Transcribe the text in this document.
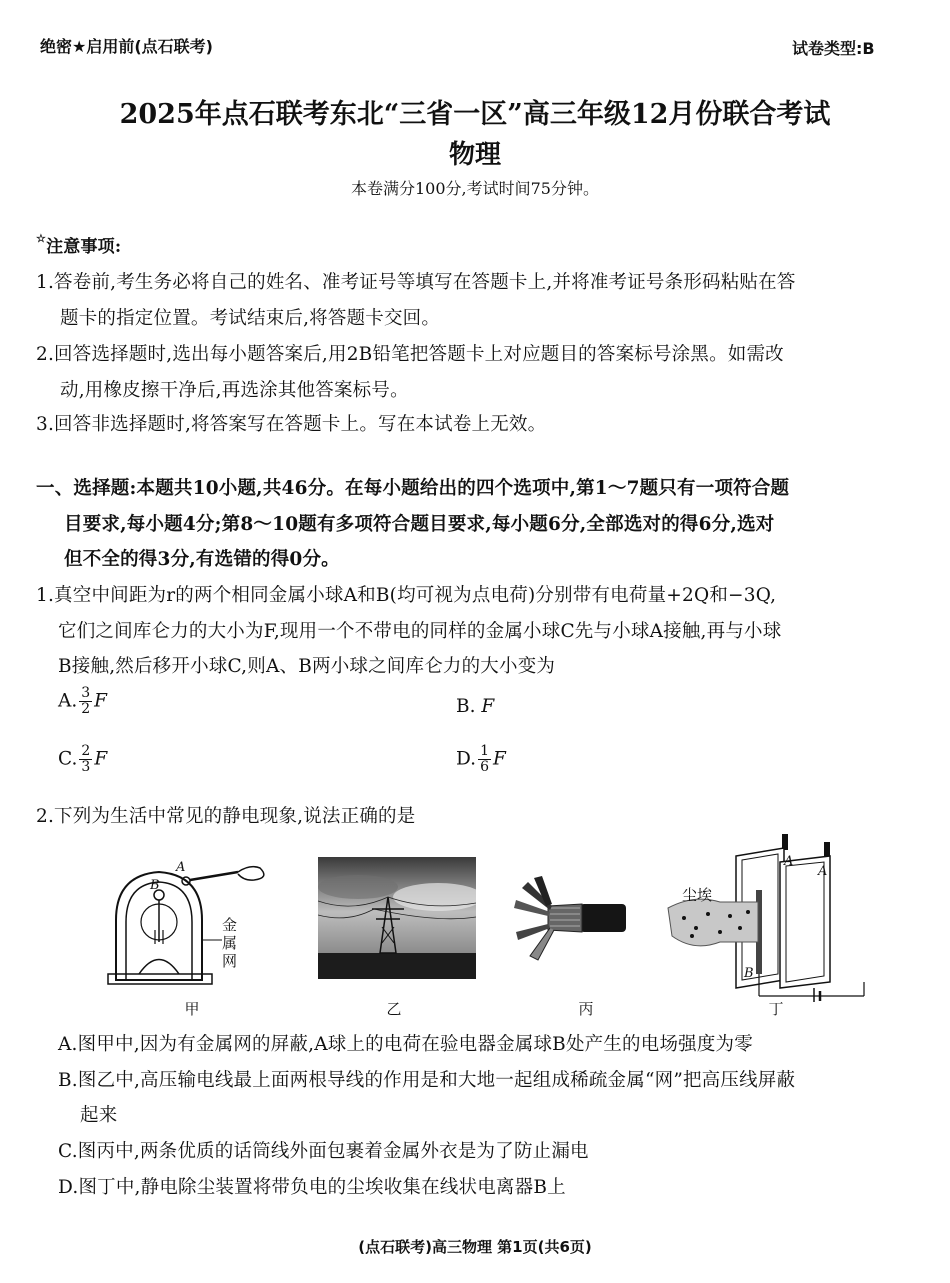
绝密★启用前(点石联考)	试卷类型:B
2025年点石联考东北“三省一区”高三年级12月份联合考试
物理
本卷满分100分,考试时间75分钟。
☆注意事项:
1.答卷前,考生务必将自己的姓名、准考证号等填写在答题卡上,并将准考证号条形码粘贴在答
题卡的指定位置。考试结束后,将答题卡交回。
2.回答选择题时,选出每小题答案后,用2B铅笔把答题卡上对应题目的答案标号涂黑。如需改
动,用橡皮擦干净后,再选涂其他答案标号。
3.回答非选择题时,将答案写在答题卡上。写在本试卷上无效。
一、选择题:本题共10小题,共46分。在每小题给出的四个选项中,第1～7题只有一项符合题
目要求,每小题4分;第8～10题有多项符合题目要求,每小题6分,全部选对的得6分,选对
但不全的得3分,有选错的得0分。
1.真空中间距为r的两个相同金属小球A和B(均可视为点电荷)分别带有电荷量+2Q和−3Q,
它们之间库仑力的大小为F,现用一个不带电的同样的金属小球C先与小球A接触,再与小球
B接触,然后移开小球C,则A、B两小球之间库仑力的大小变为
A. $\frac{3}{2}$ F	B. F
C. $\frac{2}{3}$ F	D. $\frac{1}{6}$ F
2.下列为生活中常见的静电现象,说法正确的是
A
B
金
属
网
尘埃
A
A
B
甲	乙	丙	丁
A.图甲中,因为有金属网的屏蔽,A球上的电荷在验电器金属球B处产生的电场强度为零
B.图乙中,高压输电线最上面两根导线的作用是和大地一起组成稀疏金属“网”把高压线屏蔽
起来
C.图丙中,两条优质的话筒线外面包裹着金属外衣是为了防止漏电
D.图丁中,静电除尘装置将带负电的尘埃收集在线状电离器B上
(点石联考)高三物理 第1页(共6页)
